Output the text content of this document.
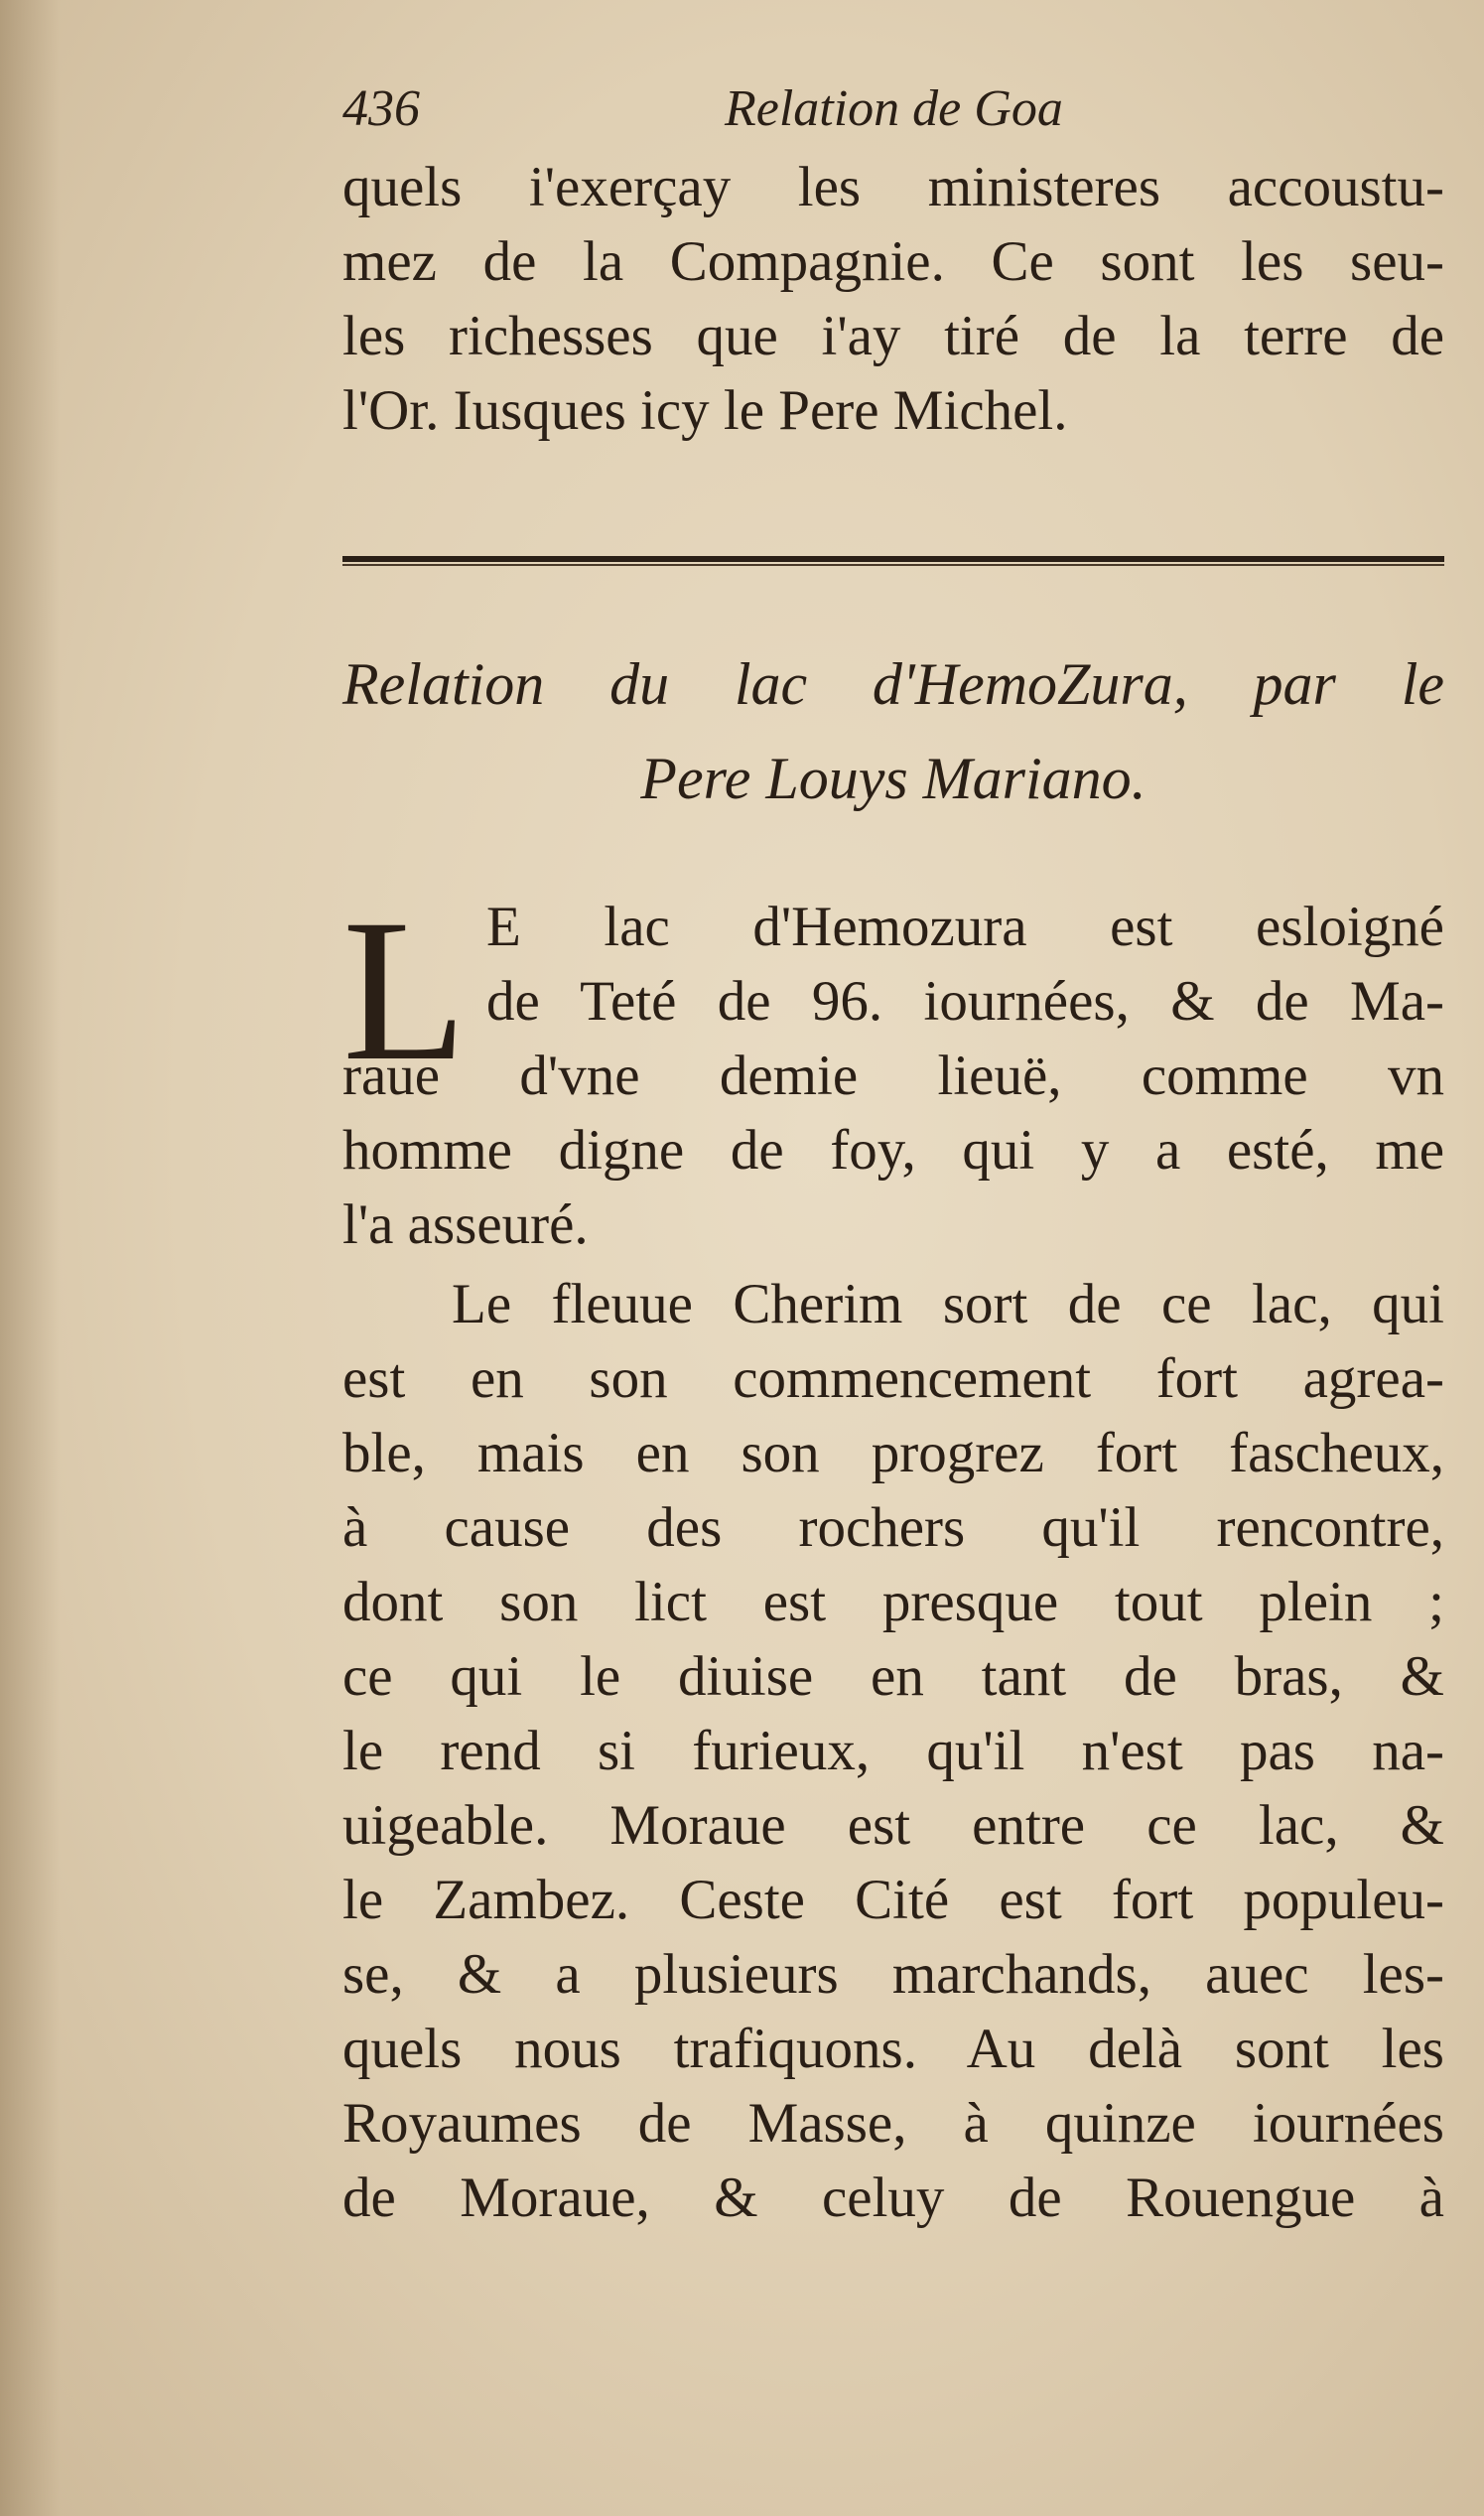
436	Relation de Goa
quels i'exerçay les ministeres accoustu-
mez de la Compagnie. Ce sont les seu-
les richesses que i'ay tiré de la terre de
l'Or. Iusques icy le Pere Michel.
Relation du lac d'HemoZura, par le
Pere Louys Mariano.
L E lac d'Hemozura est esloigné
de Teté de 96. iournées, & de Ma-
raue d'vne demie lieuë, comme vn
homme digne de foy, qui y a esté, me
l'a asseuré.
Le fleuue Cherim sort de ce lac, qui
est en son commencement fort agrea-
ble, mais en son progrez fort fascheux,
à cause des rochers qu'il rencontre,
dont son lict est presque tout plein ;
ce qui le diuise en tant de bras, &
le rend si furieux, qu'il n'est pas na-
uigeable. Moraue est entre ce lac, &
le Zambez. Ceste Cité est fort populeu-
se, & a plusieurs marchands, auec les-
quels nous trafiquons. Au delà sont les
Royaumes de Masse, à quinze iournées
de Moraue, & celuy de Rouengue à
